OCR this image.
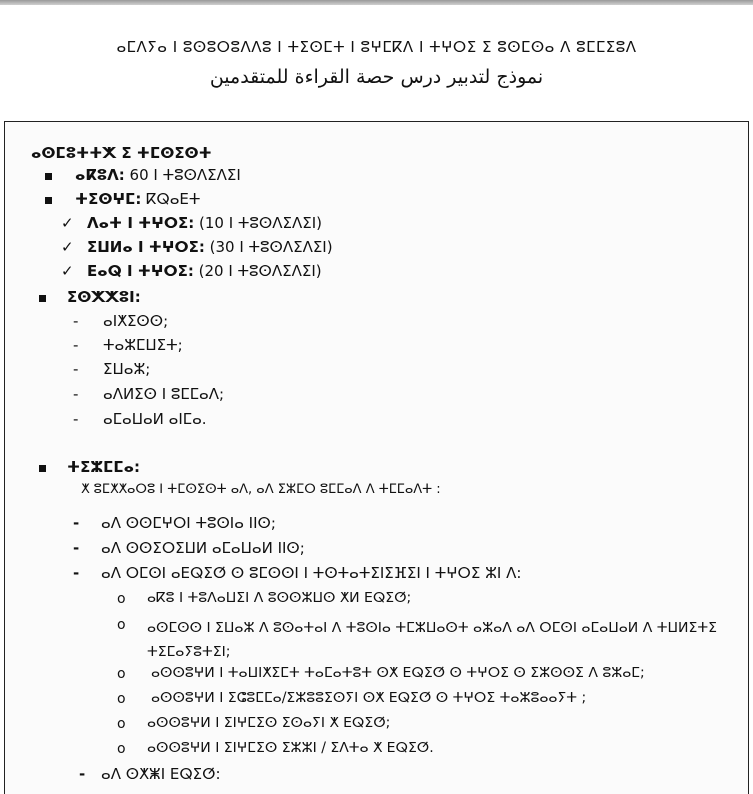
ⴰⵎⴷⵢⴰ ⵏ ⵓⵙⵓⵔⵓⴷⴷⵓ ⵏ ⵜⵉⵙⵎⵜ ⵏ ⵓⵖⵎⴽⴷ ⵏ ⵜⵖⵔⵉ ⵉ ⵓⵙⵎⵙⴰ ⴷ ⵓⵎⵎⵉⵓⴷ
نموذج لتدبير درس حصة القراءة للمتقدمين
ⴰⵙⵎⵓⵜⵜⵅ ⵉ ⵜⵎⵙⵉⵙⵜ
ⴰⴽⵓⴷ: 60 ⵏ ⵜⵓⵙⴷⵉⴷⵉⵏ
ⵜⵉⵙⵖⵎ: ⴽⵕⴰⴹⵜ
✓ ⴷⴰⵜ ⵏ ⵜⵖⵔⵉ: (10 ⵏ ⵜⵓⵙⴷⵉⴷⵉⵏ)
✓ ⵉⵡⵍⴰ ⵏ ⵜⵖⵔⵉ: (30 ⵏ ⵜⵓⵙⴷⵉⴷⵉⵏ)
✓ ⴹⴰⵕ ⵏ ⵜⵖⵔⵉ: (20 ⵏ ⵜⵓⵙⴷⵉⴷⵉⵏ)
ⵉⵙⵅⵅⵓⵏ:
- ⴰⵏⵅⵉⵙⵙ;
- ⵜⴰⵣⵎⵡⵉⵜ;
- ⵉⵡⴰⵣ;
- ⴰⴷⵍⵉⵙ ⵏ ⵓⵎⵎⴰⴷ;
- ⴰⵎⴰⵡⴰⵍ ⴰⵏⵎⴰ.
ⵜⵉⵣⵎⵎⴰ:
ⵅ ⵓⵎⵅⵅⴰⵔⵓ ⵏ ⵜⵎⵙⵉⵙⵜ ⴰⴷ, ⴰⴷ ⵉⵣⵎⵔ ⵓⵎⵎⴰⴷ ⴷ ⵜⵎⵎⴰⴷⵜ :
- ⴰⴷ ⵙⵙⵎⵖⵔⵏ ⵜⵓⵙⵏⴰ ⵏⵏⵙ;
- ⴰⴷ ⵙⵙⵉⵔⵉⵡⵍ ⴰⵎⴰⵡⴰⵍ ⵏⵏⵙ;
- ⴰⴷ ⵔⵎⵙⵏ ⴰⴹⵕⵉⵚ ⵙ ⵓⵎⵙⵙⵏ ⵏ ⵜⵙⵜⴰⵜⵉⵏⵉⴼⵉⵏ ⵏ ⵜⵖⵔⵉ ⵣⵏ ⴷ:
o ⴰⴽⵓ ⵏ ⵜⵓⴷⴰⵡⵉⵏ ⴷ ⵓⵙⵙⵣⵡⵙ ⵅⵍ ⴹⵕⵉⵚ;
o ⴰⵙⵎⵙⵙ ⵏ ⵉⵡⴰⵣ ⴷ ⵓⵙⴰⵜⴰⵏ ⴷ ⵜⵓⵙⵏⴰ ⵜⵎⵣⵡⴰⵙⵜ ⴰⵣⴰⴷ ⴰⴷ ⵔⵎⵙⵏ ⴰⵎⴰⵡⴰⵍ ⴷ ⵜⵡⵍⵉⵜⵉ ⵜⵉⵎⴰⵢⵓⵜⵉⵏ;
o ⴰⵙⵙⵓⵖⵍ ⵏ ⵜⴰⵡⵏⵅⵉⵎⵜ ⵜⴰⵎⴰⵜⵓⵜ ⵙⵅ ⴹⵕⵉⵚ ⵙ ⵜⵖⵔⵉ ⵙ ⵉⵣⵙⵙⵉ ⴷ ⵓⵣⴰⵎ;
o ⴰⵙⵙⵓⵖⵍ ⵏ ⵉⵛⵓⵎⵎⴰ/ⵉⵣⵓⵓⵉⵙⵢⵏ ⵙⵅ ⴹⵕⵉⵚ ⵙ ⵜⵖⵔⵉ ⵜⴰⵣⵓⴰⴰⵢⵜ ;
o ⴰⵙⵙⵓⵖⵍ ⵏ ⵉⵏⵖⵎⵉⵙ ⵉⵙⴰⵢⵏ ⵅ ⴹⵕⵉⵚ;
o ⴰⵙⵙⵓⵖⵍ ⵏ ⵉⵏⵖⵎⵉⵙ ⵉⵣⵣⵏ / ⵉⴷⵜⴰ ⵅ ⴹⵕⵉⵚ.
- ⴰⴷ ⵙⵅⵥⵏ ⴹⵕⵉⵚ:
